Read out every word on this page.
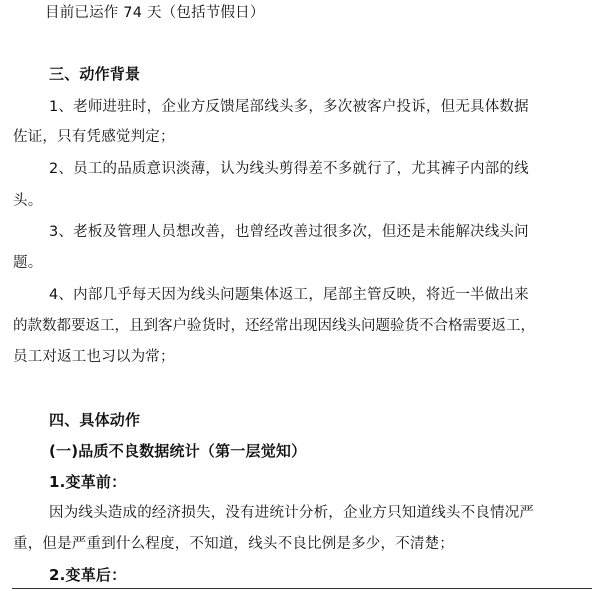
目前已运作 74 天（包括节假日）
三、动作背景
1、老师进驻时，企业方反馈尾部线头多，多次被客户投诉，但无具体数据
佐证，只有凭感觉判定；
2、员工的品质意识淡薄，认为线头剪得差不多就行了，尤其裤子内部的线
头。
3、老板及管理人员想改善，也曾经改善过很多次，但还是未能解决线头问
题。
4、内部几乎每天因为线头问题集体返工，尾部主管反映，将近一半做出来
的款数都要返工，且到客户验货时，还经常出现因线头问题验货不合格需要返工，
员工对返工也习以为常；
四、具体动作
(一)品质不良数据统计（第一层觉知）
1.变革前：
因为线头造成的经济损失，没有进统计分析，企业方只知道线头不良情况严
重，但是严重到什么程度，不知道，线头不良比例是多少，不清楚；
2.变革后：
